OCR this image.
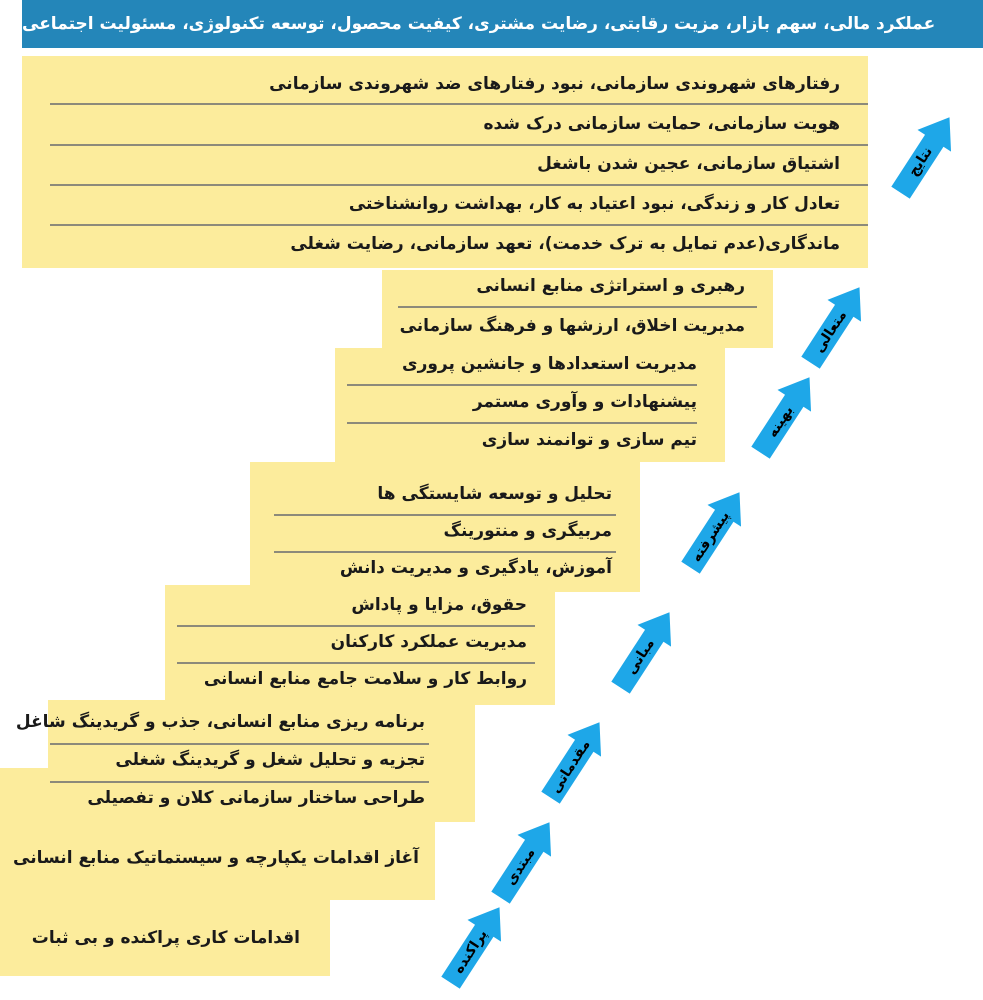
عملکرد مالی، سهم بازار، مزیت رقابتی، رضایت مشتری، کیفیت محصول، توسعه تکنولوژی، مسئولیت اجتماعی
رفتارهای شهروندی سازمانی، نبود رفتارهای ضد شهروندی سازمانی
هویت سازمانی، حمایت سازمانی درک شده
اشتیاق سازمانی، عجین شدن باشغل
تعادل کار و زندگی، نبود اعتیاد به کار، بهداشت روانشناختی
ماندگاری(عدم تمایل به ترک خدمت)، تعهد سازمانی، رضایت شغلی
رهبری و استراتژی منابع انسانی
مدیریت اخلاق، ارزشها و فرهنگ سازمانی
مدیریت استعدادها و جانشین پروری
پیشنهادات و وآوری مستمر
تیم سازی و توانمند سازی
تحلیل و توسعه شایستگی ها
مربیگری و منتورینگ
آموزش، یادگیری و مدیریت دانش
حقوق، مزایا و پاداش
مدیریت عملکرد کارکنان
روابط کار و سلامت جامع منابع انسانی
برنامه ریزی منابع انسانی، جذب و گریدینگ شاغل
تجزیه و تحلیل شغل و گریدینگ شغلی
طراحی ساختار سازمانی کلان و تفصیلی
آغاز اقدامات یکپارچه و سیستماتیک منابع انسانی
اقدامات کاری پراکنده و بی ثبات	پراکنده
مبتدی
مقدماتی
مبانی
پیشرفته
بهینه
متعالی
نتایج
